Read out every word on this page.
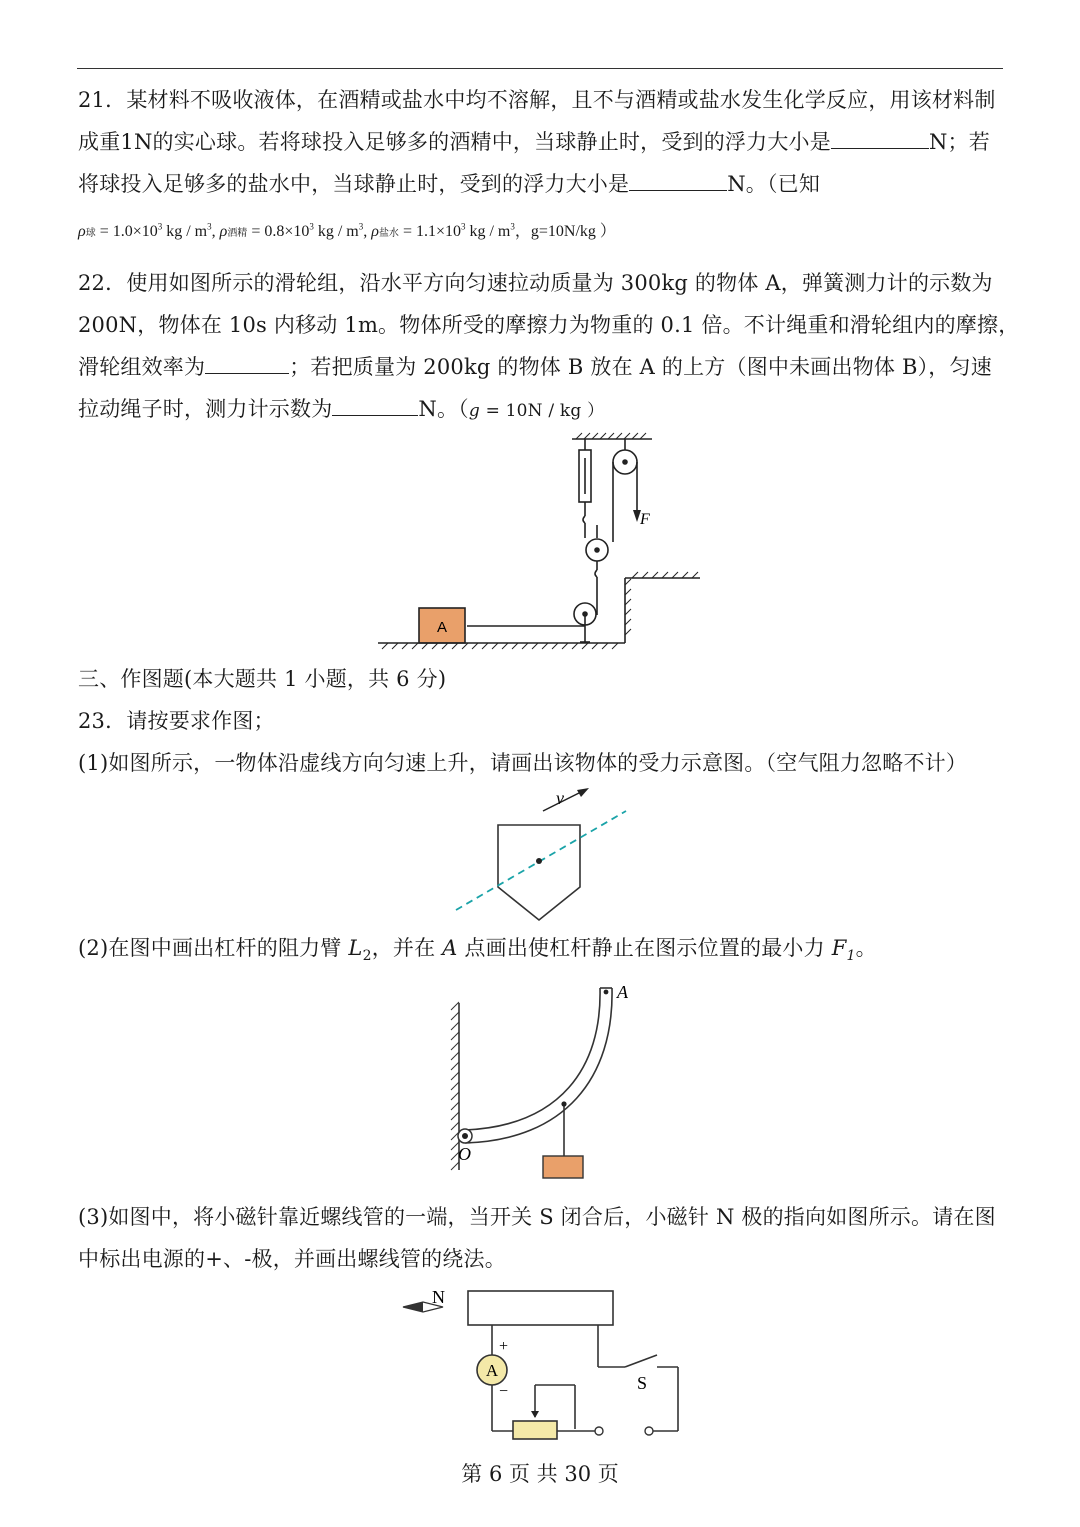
21．某材料不吸收液体，在酒精或盐水中均不溶解，且不与酒精或盐水发生化学反应，用该材料制
成重1N的实心球。若将球投入足够多的酒精中，当球静止时，受到的浮力大小是	N；若
将球投入足够多的盐水中，当球静止时，受到的浮力大小是	N。（已知
ρ球 = $1.0\times 10^3$ kg / $m^3$, ρ酒精 = $0.8\times 10^3$ kg / $m^3$, ρ盐水 = $1.1\times 10^3$ kg / $m^3$，g=10N/kg ）
22．使用如图所示的滑轮组，沿水平方向匀速拉动质量为 300kg 的物体 A，弹簧测力计的示数为
200N，物体在 10s 内移动 1m。物体所受的摩擦力为物重的 0.1 倍。不计绳重和滑轮组内的摩擦，
滑轮组效率为	；若把质量为 200kg 的物体 B 放在 A 的上方（图中未画出物体 B），匀速
拉动绳子时，测力计示数为	N。（g = 10N / kg ）
A
F
三、作图题(本大题共 1 小题，共 6 分)
23．请按要求作图；
(1)如图所示，一物体沿虚线方向匀速上升，请画出该物体的受力示意图。（空气阻力忽略不计）
v
(2)在图中画出杠杆的阻力臂 $L_2$，并在 A 点画出使杠杆静止在图示位置的最小力 $F_1$。
A
O
(3)如图中，将小磁针靠近螺线管的一端，当开关 S 闭合后，小磁针 N 极的指向如图所示。请在图
中标出电源的+、-极，并画出螺线管的绕法。
N
+
−
A
S
第 6 页 共 30 页
